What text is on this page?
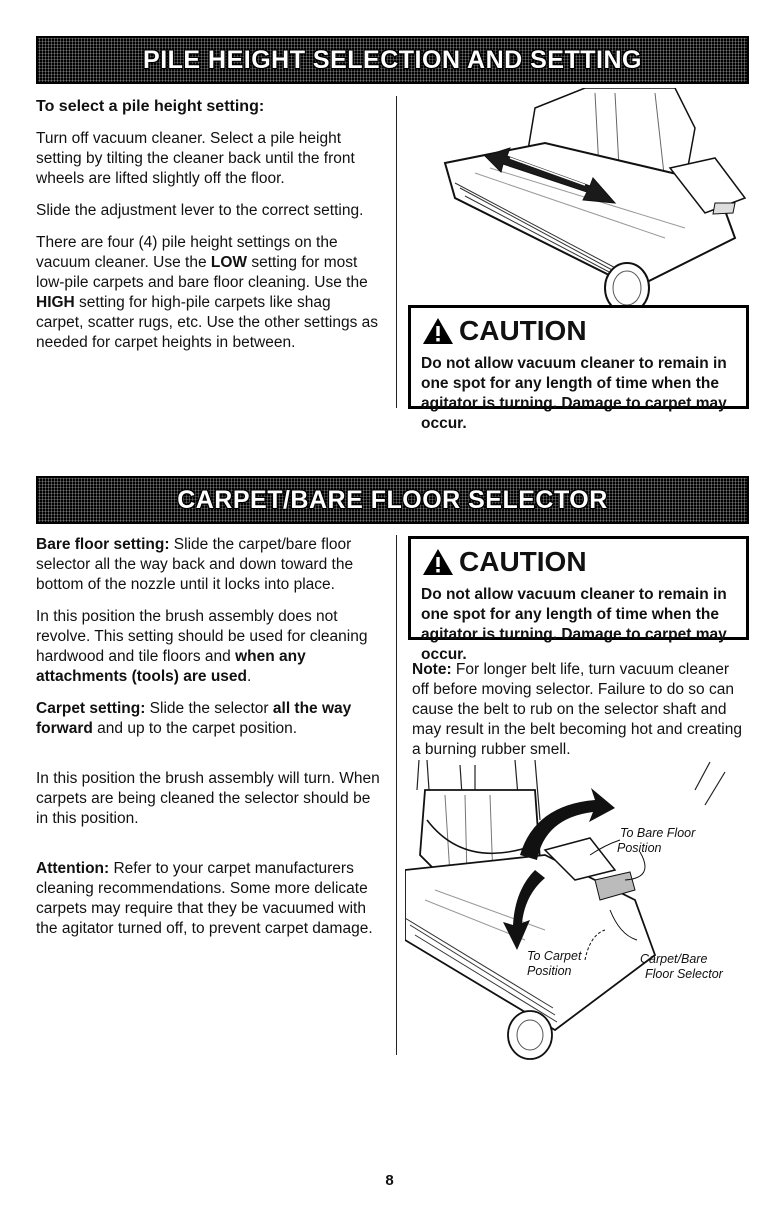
PILE HEIGHT SELECTION AND SETTING
To select a pile height setting:

Turn off vacuum cleaner. Select a pile height setting by tilting the cleaner back until the front wheels are lifted slightly off the floor.

Slide the adjustment lever to the correct setting.

There are four (4) pile height settings on the vacuum cleaner. Use the LOW setting for most low-pile carpets and bare floor cleaning. Use the HIGH setting for high-pile carpets like shag carpet, scatter rugs, etc. Use the other settings as needed for carpet heights in between.	CAUTION
Do not allow vacuum cleaner to remain in one spot for any length of time when the agitator is turning. Damage to carpet may occur.
CARPET/BARE FLOOR SELECTOR

Bare floor setting: Slide the carpet/bare floor selector all the way back and down toward the bottom of the nozzle until it locks into place.

In this position the brush assembly does not revolve. This setting should be used for cleaning hardwood and tile floors and when any attachments (tools) are used.

Carpet setting: Slide the selector all the way forward and up to the carpet position.

In this position the brush assembly will turn. When carpets are being cleaned the selector should be in this position.

Attention: Refer to your carpet manufacturers cleaning recommendations. Some more delicate carpets may require that they be vacuumed with the agitator turned off, to prevent carpet damage.

CAUTION
Do not allow vacuum cleaner to remain in one spot for any length of time when the agitator is turning. Damage to carpet may occur.

Note: For longer belt life, turn vacuum cleaner off before moving selector. Failure to do so can cause the belt to rub on the selector shaft and may result in the belt becoming hot and creating a burning rubber smell.

To Bare Floor
Position
To Carpet
Position
Carpet/Bare
Floor Selector
8
